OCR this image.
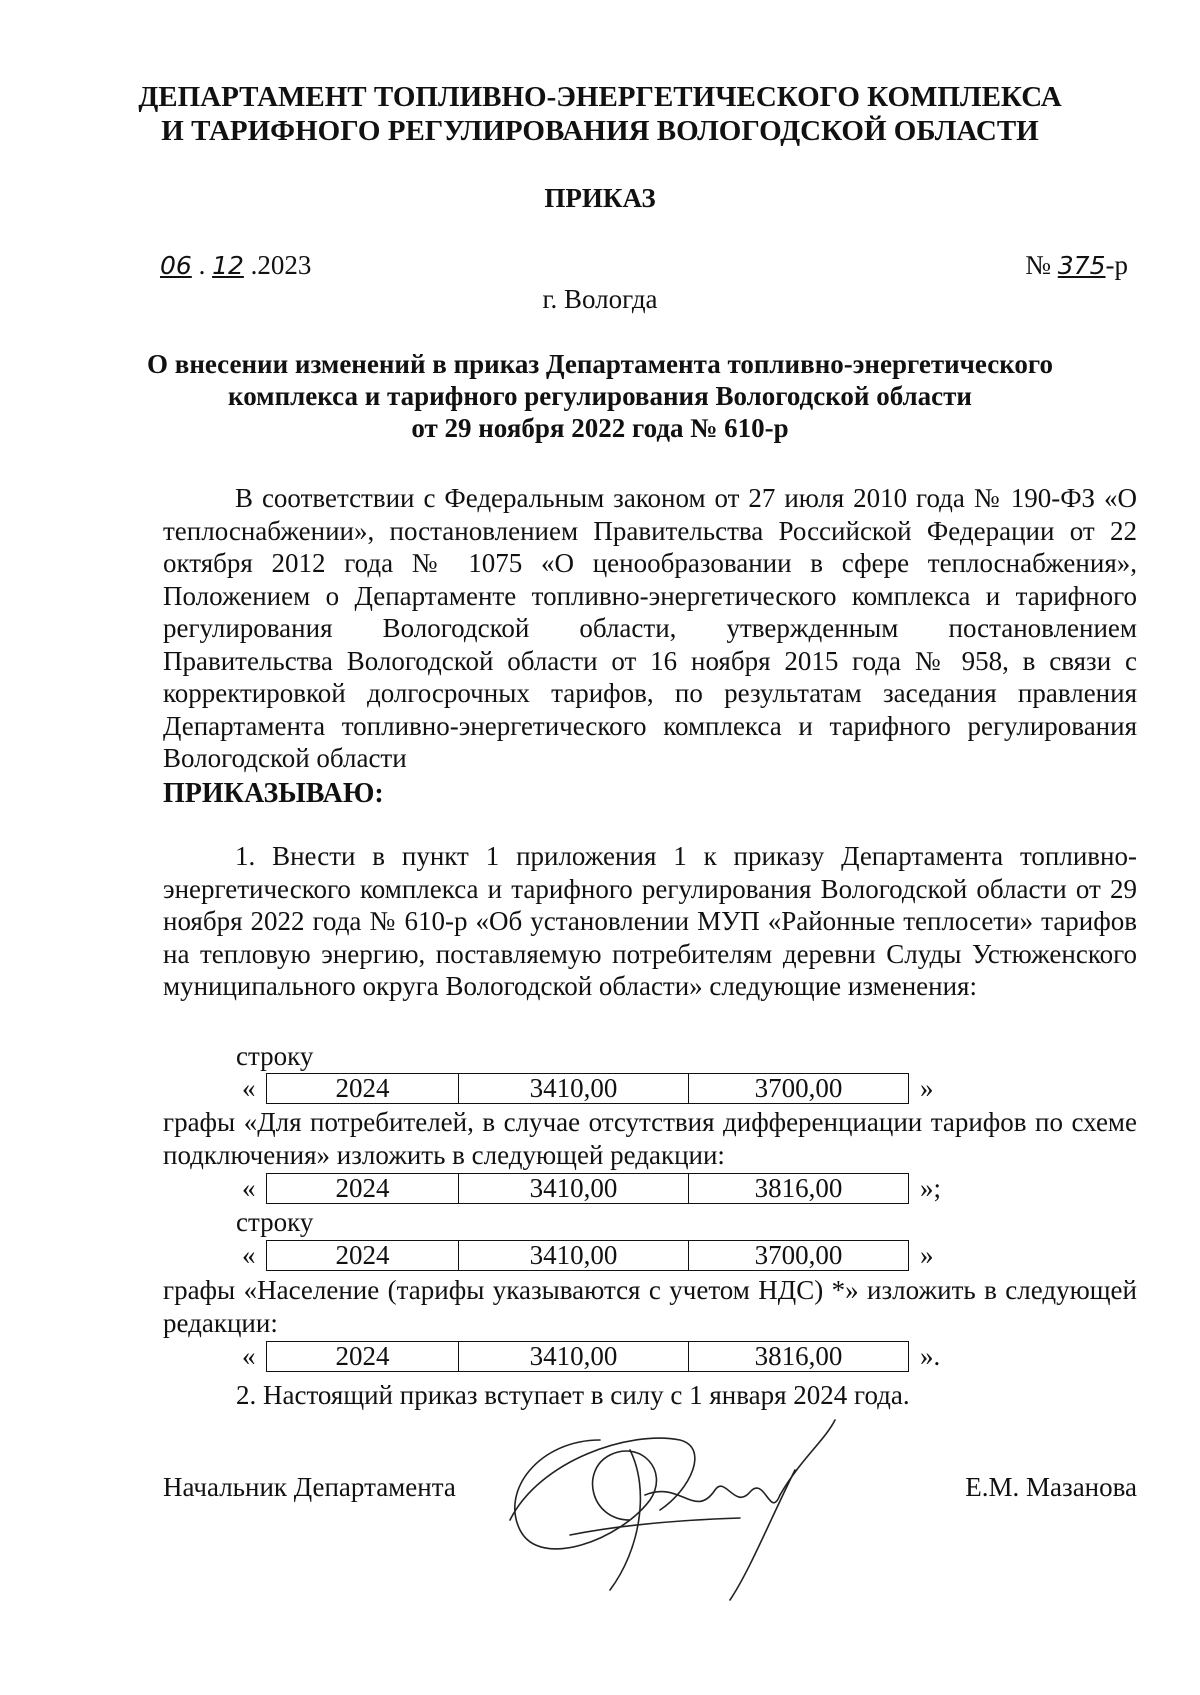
ДЕПАРТАМЕНТ ТОПЛИВНО-ЭНЕРГЕТИЧЕСКОГО КОМПЛЕКСА
И ТАРИФНОГО РЕГУЛИРОВАНИЯ ВОЛОГОДСКОЙ ОБЛАСТИ
ПРИКАЗ
06 . 12 .2023	№ 375-р
г. Вологда
О внесении изменений в приказ Департамента топливно-энергетического
комплекса и тарифного регулирования Вологодской области
от 29 ноября 2022 года № 610-р
В соответствии с Федеральным законом от 27 июля 2010 года № 190-ФЗ «О теплоснабжении», постановлением Правительства Российской Федерации от 22 октября 2012 года № 1075 «О ценообразовании в сфере теплоснабжения», Положением о Департаменте топливно-энергетического комплекса и тарифного регулирования Вологодской области, утвержденным постановлением Правительства Вологодской области от 16 ноября 2015 года № 958, в связи с корректировкой долгосрочных тарифов, по результатам заседания правления Департамента топливно-энергетического комплекса и тарифного регулирования Вологодской области
ПРИКАЗЫВАЮ:
1. Внести в пункт 1 приложения 1 к приказу Департамента топливно-энергетического комплекса и тарифного регулирования Вологодской области от 29 ноября 2022 года № 610-р «Об установлении МУП «Районные теплосети» тарифов на тепловую энергию, поставляемую потребителям деревни Слуды Устюженского муниципального округа Вологодской области» следующие изменения:
строку
«	2024	3410,00	3700,00	»
графы «Для потребителей, в случае отсутствия дифференциации тарифов по схеме подключения» изложить в следующей редакции:
«	2024	3410,00	3816,00	»;
строку
«	2024	3410,00	3700,00	»
графы «Население (тарифы указываются с учетом НДС) *» изложить в следующей редакции:
«	2024	3410,00	3816,00	».
2. Настоящий приказ вступает в силу с 1 января 2024 года.
Начальник Департамента	Е.М. Мазанова
